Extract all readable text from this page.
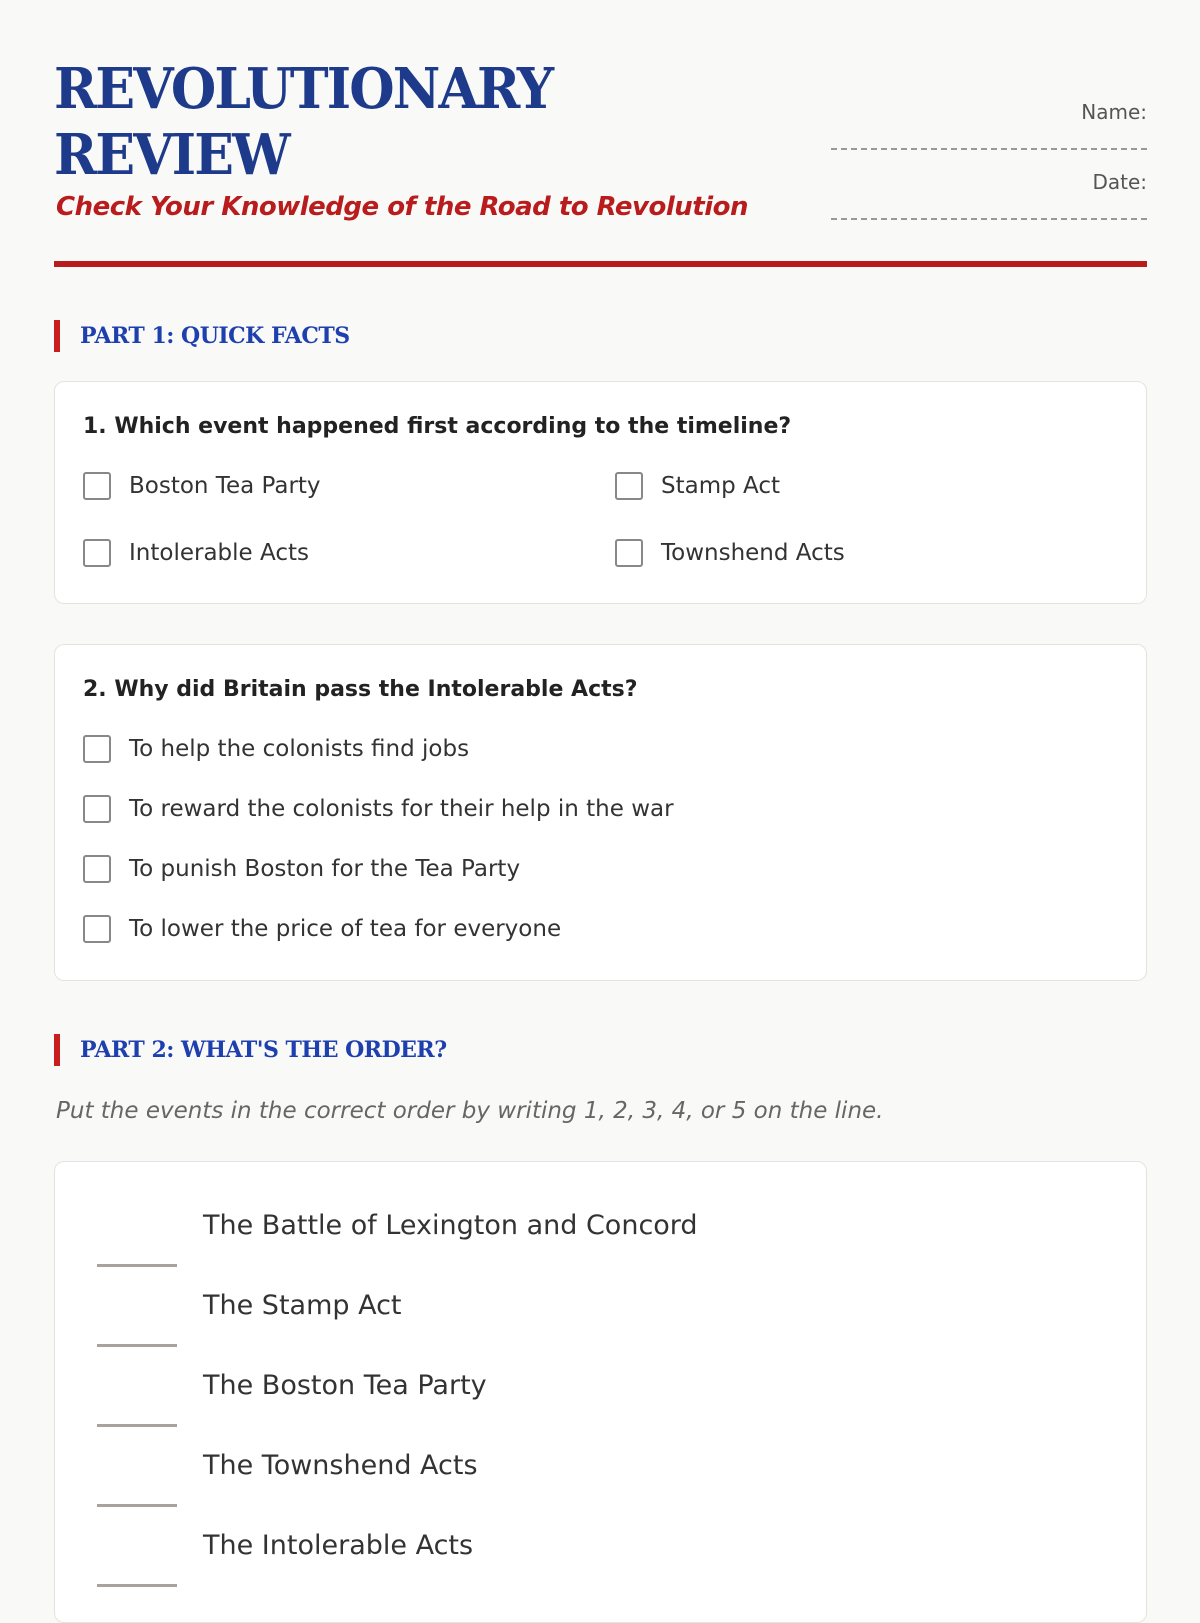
REVOLUTIONARY
REVIEW
Check Your Knowledge of the Road to Revolution
Name:
Date:
PART 1: QUICK FACTS
1. Which event happened first according to the timeline?
Boston Tea Party	Stamp Act
Intolerable Acts	Townshend Acts
2. Why did Britain pass the Intolerable Acts?
To help the colonists find jobs
To reward the colonists for their help in the war
To punish Boston for the Tea Party
To lower the price of tea for everyone
PART 2: WHAT'S THE ORDER?
Put the events in the correct order by writing 1, 2, 3, 4, or 5 on the line.
The Battle of Lexington and Concord
The Stamp Act
The Boston Tea Party
The Townshend Acts
The Intolerable Acts
